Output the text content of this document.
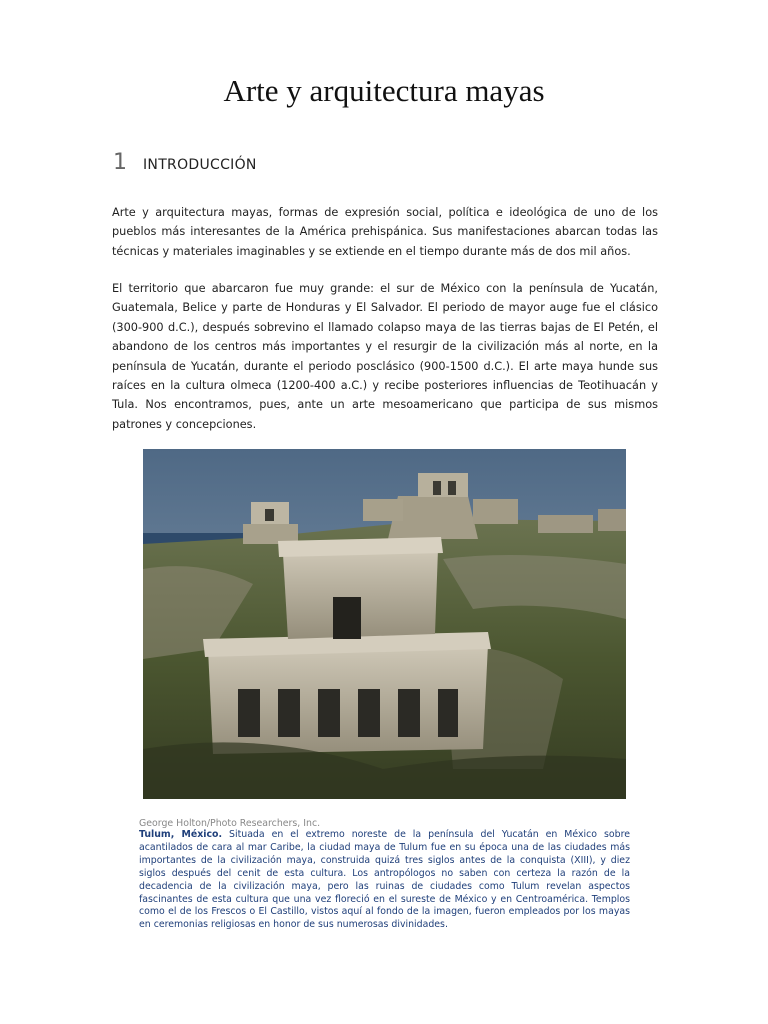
Arte y arquitectura mayas
1 INTRODUCCIÓN

Arte y arquitectura mayas, formas de expresión social, política e ideológica de uno de los pueblos más interesantes de la América prehispánica. Sus manifestaciones abarcan todas las técnicas y materiales imaginables y se extiende en el tiempo durante más de dos mil años.

El territorio que abarcaron fue muy grande: el sur de México con la península de Yucatán, Guatemala, Belice y parte de Honduras y El Salvador. El periodo de mayor auge fue el clásico (300-900 d.C.), después sobrevino el llamado colapso maya de las tierras bajas de El Petén, el abandono de los centros más importantes y el resurgir de la civilización más al norte, en la península de Yucatán, durante el periodo posclásico (900-1500 d.C.). El arte maya hunde sus raíces en la cultura olmeca (1200-400 a.C.) y recibe posteriores influencias de Teotihuacán y Tula. Nos encontramos, pues, ante un arte mesoamericano que participa de sus mismos patrones y concepciones.

George Holton/Photo Researchers, Inc.

Tulum, México. Situada en el extremo noreste de la península del Yucatán en México sobre acantilados de cara al mar Caribe, la ciudad maya de Tulum fue en su época una de las ciudades más importantes de la civilización maya, construida quizá tres siglos antes de la conquista (XIII), y diez siglos después del cenit de esta cultura. Los antropólogos no saben con certeza la razón de la decadencia de la civilización maya, pero las ruinas de ciudades como Tulum revelan aspectos fascinantes de esta cultura que una vez floreció en el sureste de México y en Centroamérica. Templos como el de los Frescos o El Castillo, vistos aquí al fondo de la imagen, fueron empleados por los mayas en ceremonias religiosas en honor de sus numerosas divinidades.
